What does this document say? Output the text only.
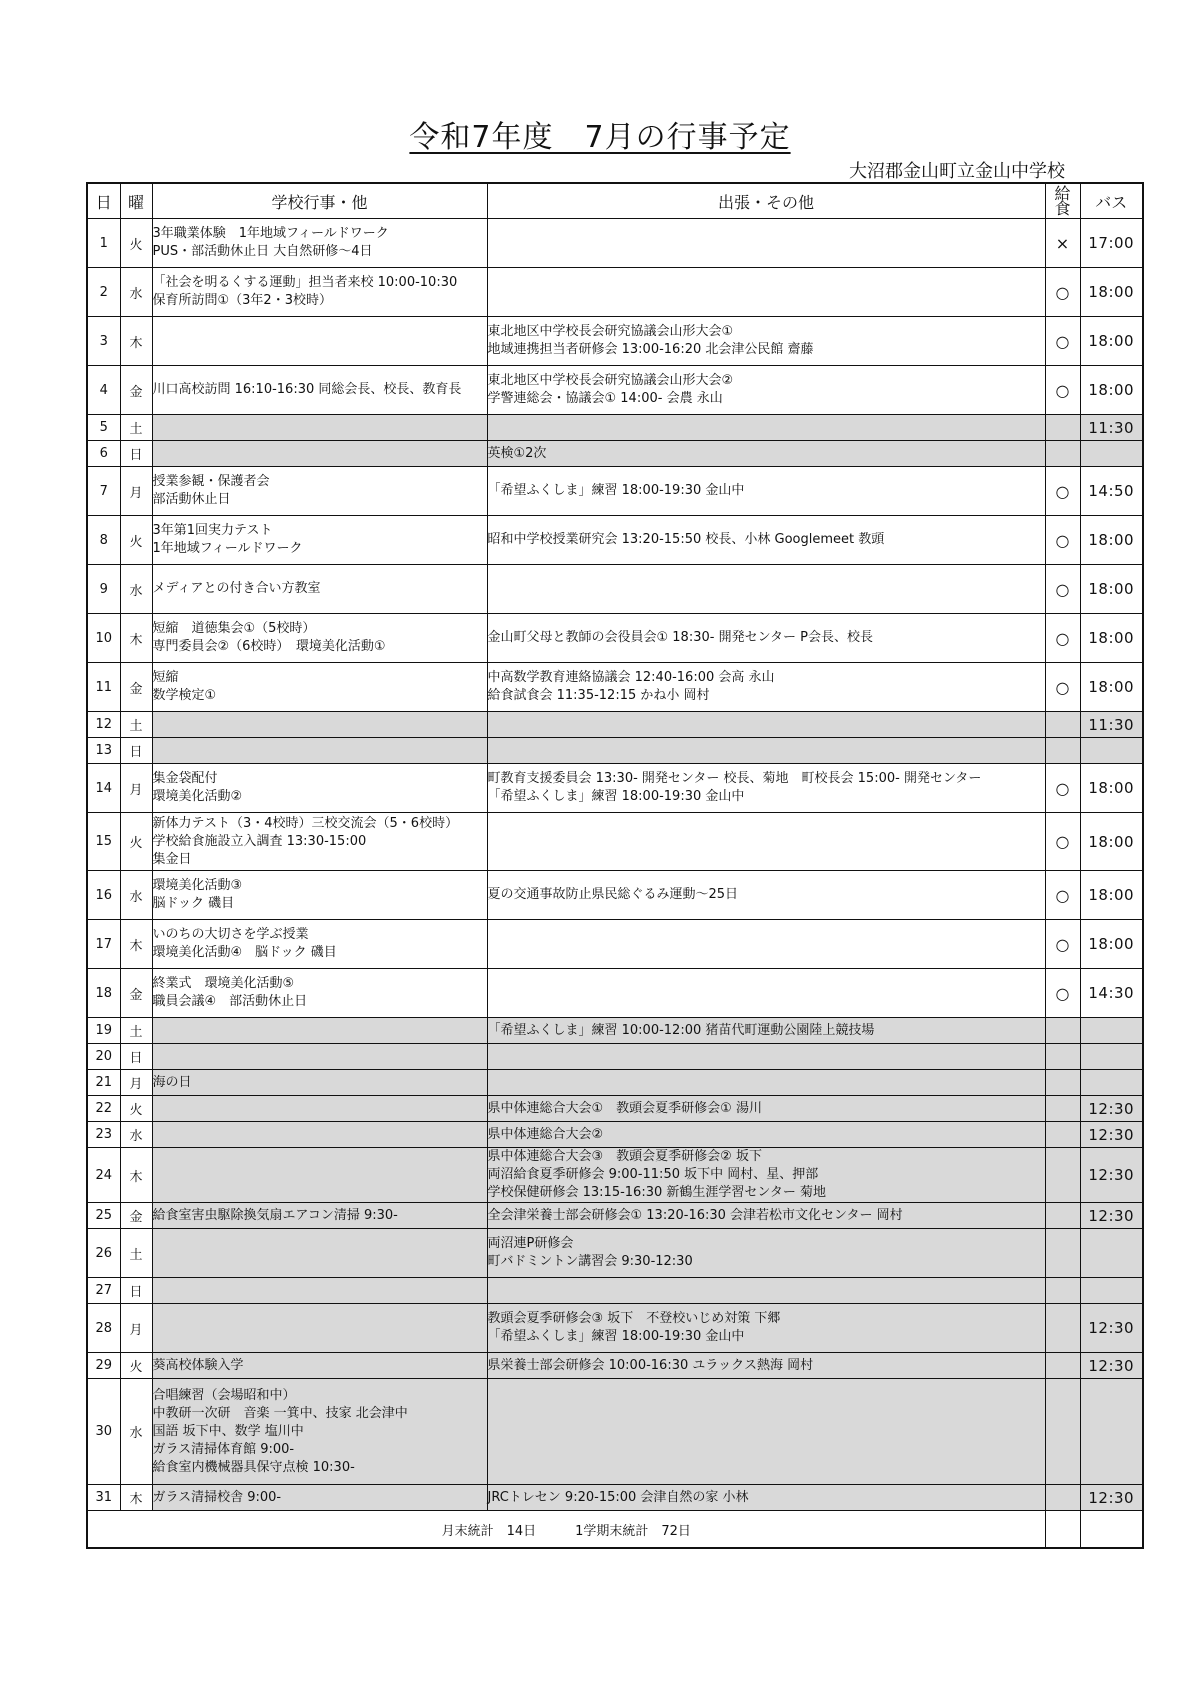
令和7年度　7月の行事予定
大沼郡金山町立金山中学校
日	曜	学校行事・他	出張・その他	給食	バス
1	火	3年職業体験　1年地域フィールドワーク
PUS・部活動休止日 大自然研修～4日		×	17:00
2	水	「社会を明るくする運動」担当者来校 10:00-10:30
保育所訪問①（3年2・3校時）		○	18:00
3	木		東北地区中学校長会研究協議会山形大会①
地域連携担当者研修会 13:00-16:20 北会津公民館 齋藤	○	18:00
4	金	川口高校訪問 16:10-16:30 同総会長、校長、教育長	東北地区中学校長会研究協議会山形大会②
学警連総会・協議会① 14:00- 会農 永山	○	18:00
5	土				11:30
6	日		英検①2次		
7	月	授業参観・保護者会
部活動休止日	「希望ふくしま」練習 18:00-19:30 金山中	○	14:50
8	火	3年第1回実力テスト
1年地域フィールドワーク	昭和中学校授業研究会 13:20-15:50 校長、小林 Googlemeet 教頭	○	18:00
9	水	メディアとの付き合い方教室		○	18:00
10	木	短縮　道徳集会①（5校時）
専門委員会②（6校時）　環境美化活動①	金山町父母と教師の会役員会① 18:30- 開発センター P会長、校長	○	18:00
11	金	短縮
数学検定①	中高数学教育連絡協議会 12:40-16:00 会高 永山
給食試食会 11:35-12:15 かね小 岡村	○	18:00
12	土				11:30
13	日				
14	月	集金袋配付
環境美化活動②	町教育支援委員会 13:30- 開発センター 校長、菊地　町校長会 15:00- 開発センター
「希望ふくしま」練習 18:00-19:30 金山中	○	18:00
15	火	新体力テスト（3・4校時）三校交流会（5・6校時）
学校給食施設立入調査 13:30-15:00
集金日		○	18:00
16	水	環境美化活動③
脳ドック 磯目	夏の交通事故防止県民総ぐるみ運動～25日	○	18:00
17	木	いのちの大切さを学ぶ授業
環境美化活動④　脳ドック 磯目		○	18:00
18	金	終業式　環境美化活動⑤
職員会議④　部活動休止日		○	14:30
19	土		「希望ふくしま」練習 10:00-12:00 猪苗代町運動公園陸上競技場		
20	日				
21	月	海の日			
22	火		県中体連総合大会①　教頭会夏季研修会① 湯川		12:30
23	水		県中体連総合大会②		12:30
24	木		県中体連総合大会③　教頭会夏季研修会② 坂下
両沼給食夏季研修会 9:00-11:50 坂下中 岡村、星、押部
学校保健研修会 13:15-16:30 新鶴生涯学習センター 菊地		12:30
25	金	給食室害虫駆除換気扇エアコン清掃 9:30-	全会津栄養士部会研修会① 13:20-16:30 会津若松市文化センター 岡村		12:30
26	土		両沼連P研修会
町バドミントン講習会 9:30-12:30		
27	日				
28	月		教頭会夏季研修会③ 坂下　不登校いじめ対策 下郷
「希望ふくしま」練習 18:00-19:30 金山中		12:30
29	火	葵高校体験入学	県栄養士部会研修会 10:00-16:30 ユラックス熱海 岡村		12:30
30	水	合唱練習（会場昭和中）
中教研一次研　音楽 一箕中、技家 北会津中
国語 坂下中、数学 塩川中
ガラス清掃体育館 9:00-
給食室内機械器具保守点検 10:30-			
31	木	ガラス清掃校舎 9:00-	JRCトレセン 9:20-15:00 会津自然の家 小林		12:30
月末統計　14日　　　1学期末統計　72日					
